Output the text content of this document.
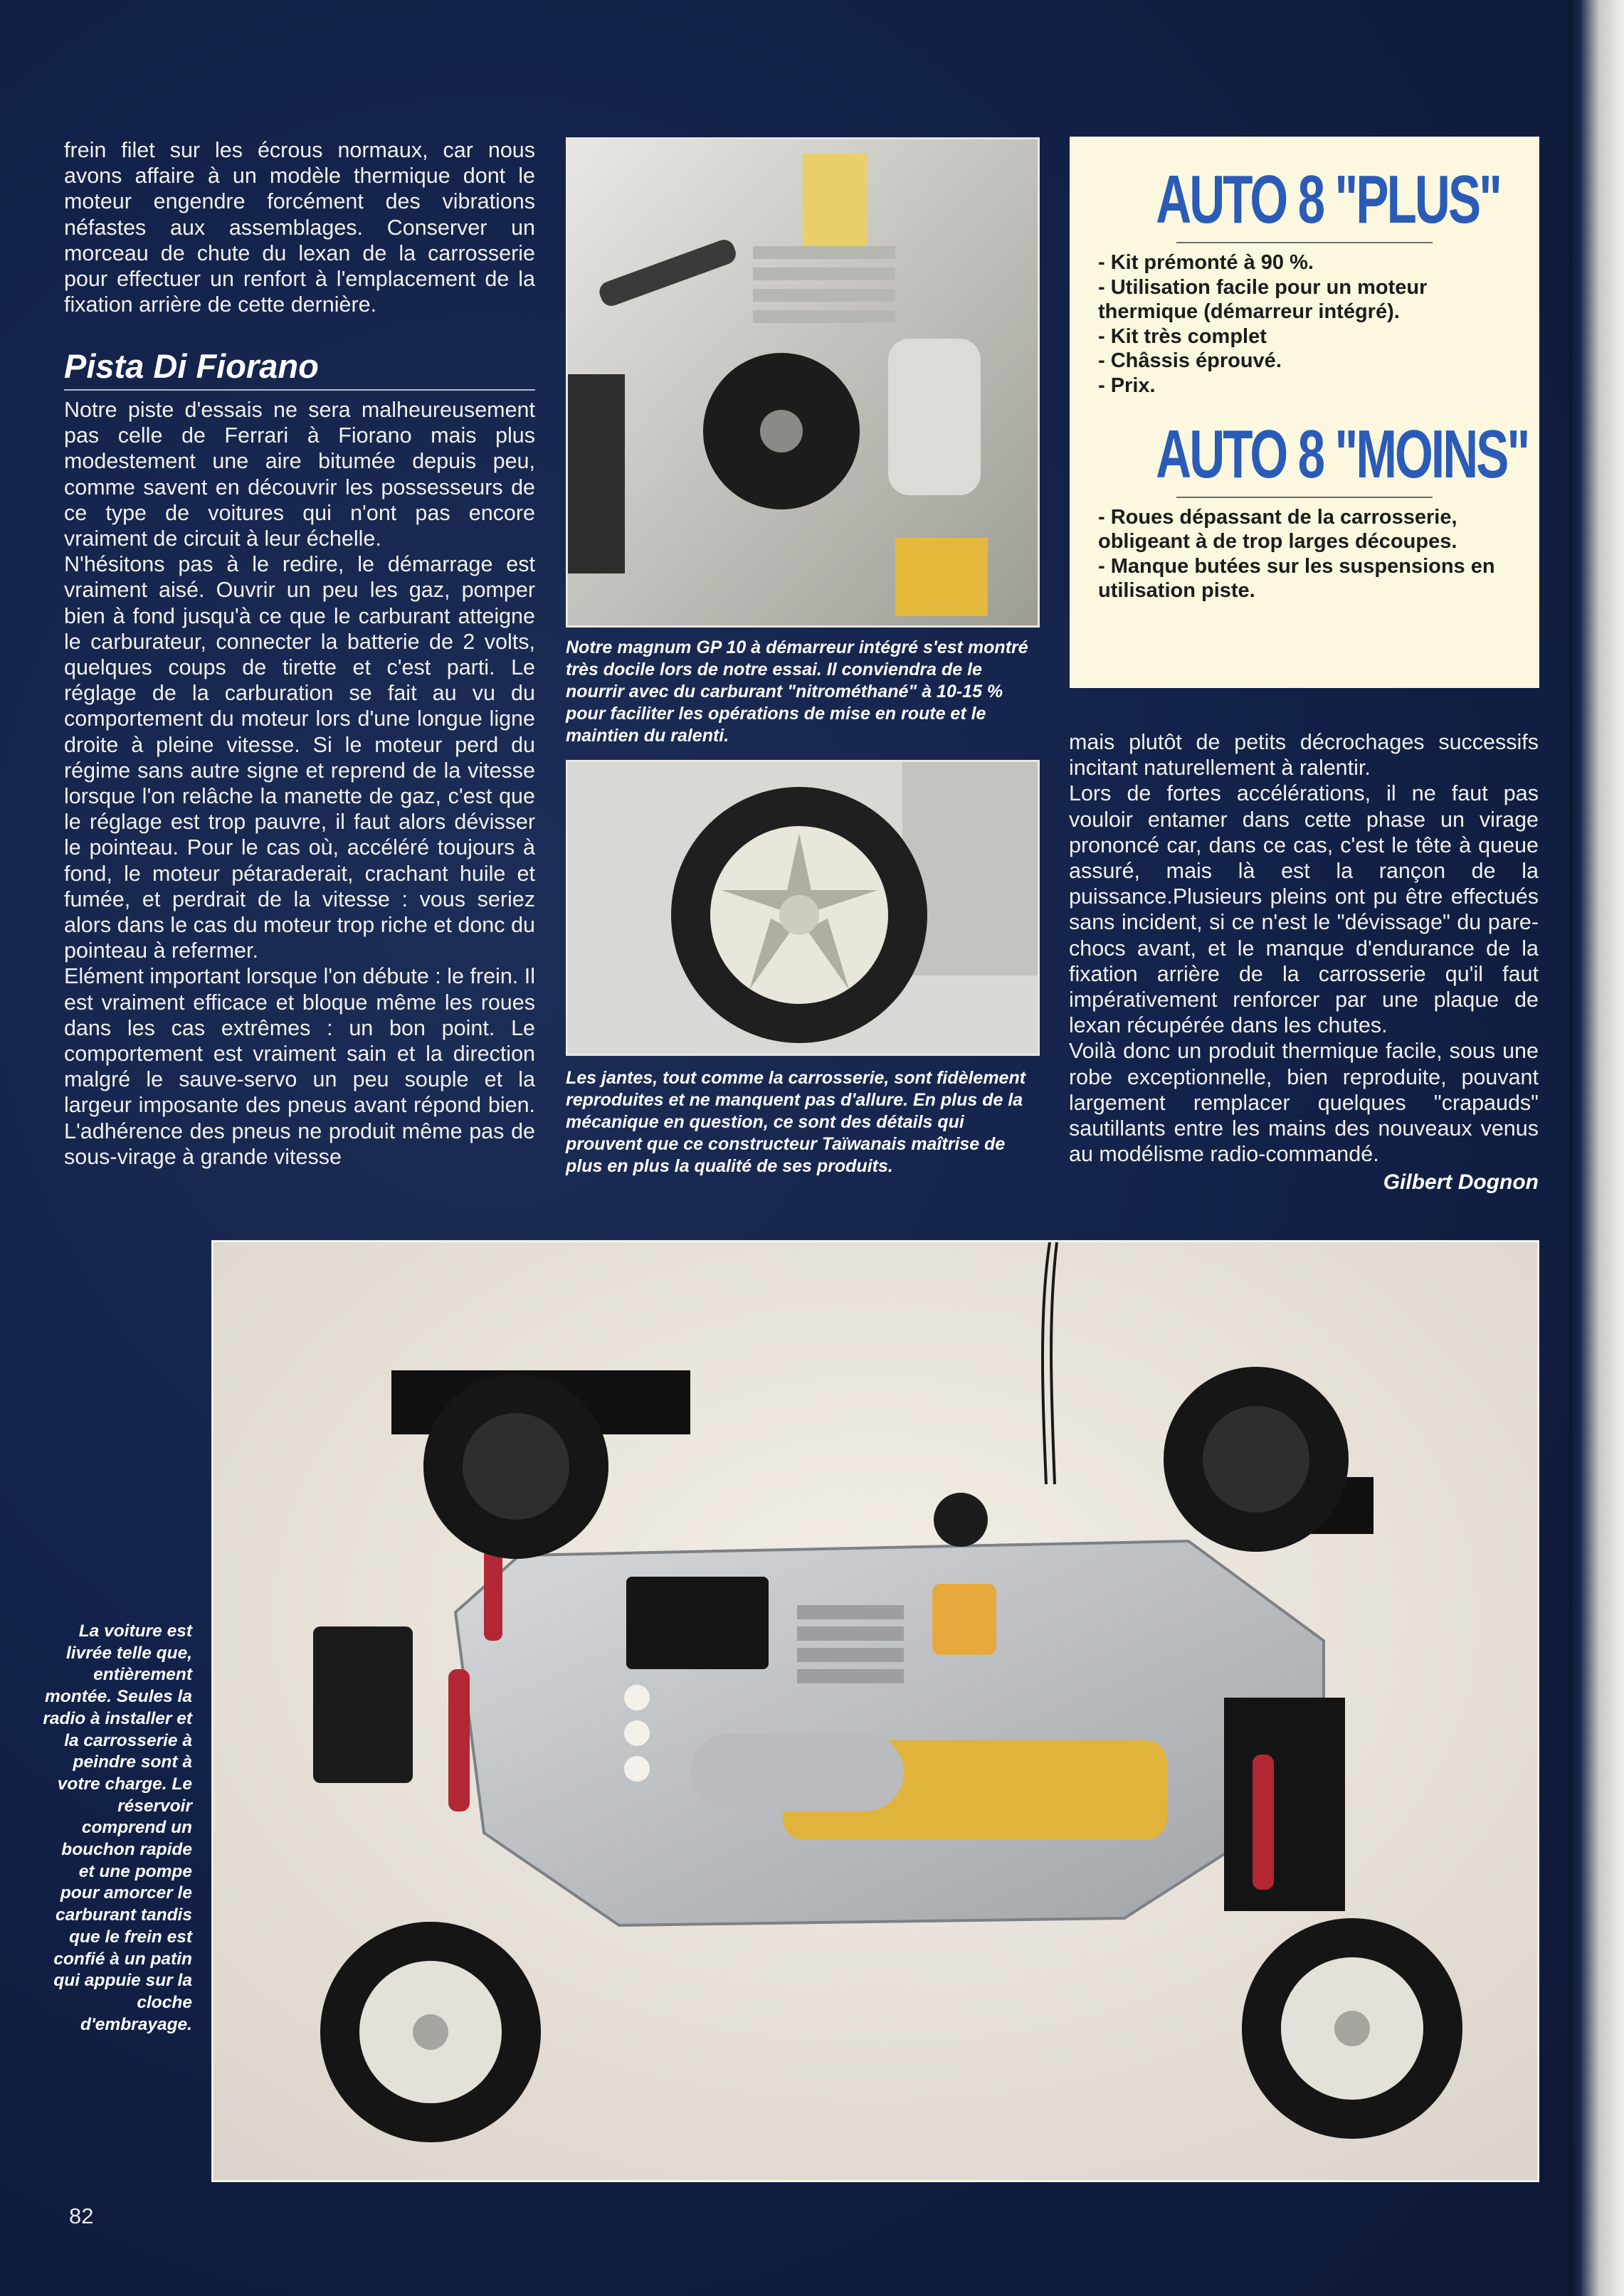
frein filet sur les écrous normaux, car nous avons affaire à un modèle thermique dont le moteur engendre forcément des vibrations néfastes aux assemblages. Conserver un morceau de chute du lexan de la carrosserie pour effectuer un renfort à l'emplacement de la fixation arrière de cette dernière.

Pista Di Fiorano

Notre piste d'essais ne sera malheureusement pas celle de Ferrari à Fiorano mais plus modestement une aire bitumée depuis peu, comme savent en découvrir les possesseurs de ce type de voitures qui n'ont pas encore vraiment de circuit à leur échelle.

N'hésitons pas à le redire, le démarrage est vraiment aisé. Ouvrir un peu les gaz, pomper bien à fond jusqu'à ce que le carburant atteigne le carburateur, connecter la batterie de 2 volts, quelques coups de tirette et c'est parti. Le réglage de la carburation se fait au vu du comportement du moteur lors d'une longue ligne droite à pleine vitesse. Si le moteur perd du régime sans autre signe et reprend de la vitesse lorsque l'on relâche la manette de gaz, c'est que le réglage est trop pauvre, il faut alors dévisser le pointeau. Pour le cas où, accéléré toujours à fond, le moteur pétaraderait, crachant huile et fumée, et perdrait de la vitesse : vous seriez alors dans le cas du moteur trop riche et donc du pointeau à refermer.

Elément important lorsque l'on débute : le frein. Il est vraiment efficace et bloque même les roues dans les cas extrêmes : un bon point. Le comportement est vraiment sain et la direction malgré le sauve-servo un peu souple et la largeur imposante des pneus avant répond bien. L'adhérence des pneus ne produit même pas de sous-virage à grande vitesse

Notre magnum GP 10 à démarreur intégré s'est montré très docile lors de notre essai. Il conviendra de le nourrir avec du carburant "nitrométhané" à 10-15 % pour faciliter les opérations de mise en route et le maintien du ralenti.
Les jantes, tout comme la carrosserie, sont fidèlement reproduites et ne manquent pas d'allure. En plus de la mécanique en question, ce sont des détails qui prouvent que ce constructeur Taïwanais maîtrise de plus en plus la qualité de ses produits.
AUTO 8 "PLUS"
- Kit prémonté à 90 %.
- Utilisation facile pour un moteur thermique (démarreur intégré).
- Kit très complet
- Châssis éprouvé.
- Prix.
AUTO 8 "MOINS"
- Roues dépassant de la carrosserie, obligeant à de trop larges découpes.
- Manque butées sur les suspensions en utilisation piste.

mais plutôt de petits décrochages successifs incitant naturellement à ralentir.

Lors de fortes accélérations, il ne faut pas vouloir entamer dans cette phase un virage prononcé car, dans ce cas, c'est le tête à queue assuré, mais là est la rançon de la puissance.Plusieurs pleins ont pu être effectués sans incident, si ce n'est le "dévissage" du pare-chocs avant, et le manque d'endurance de la fixation arrière de la carrosserie qu'il faut impérativement renforcer par une plaque de lexan récupérée dans les chutes.

Voilà donc un produit thermique facile, sous une robe exceptionnelle, bien reproduite, pouvant largement remplacer quelques "crapauds" sautillants entre les mains des nouveaux venus au modélisme radio-commandé.

Gilbert Dognon
La voiture est livrée telle que, entièrement montée. Seules la radio à installer et la carrosserie à peindre sont à votre charge. Le réservoir comprend un bouchon rapide et une pompe pour amorcer le carburant tandis que le frein est confié à un patin qui appuie sur la cloche d'embrayage.
82
